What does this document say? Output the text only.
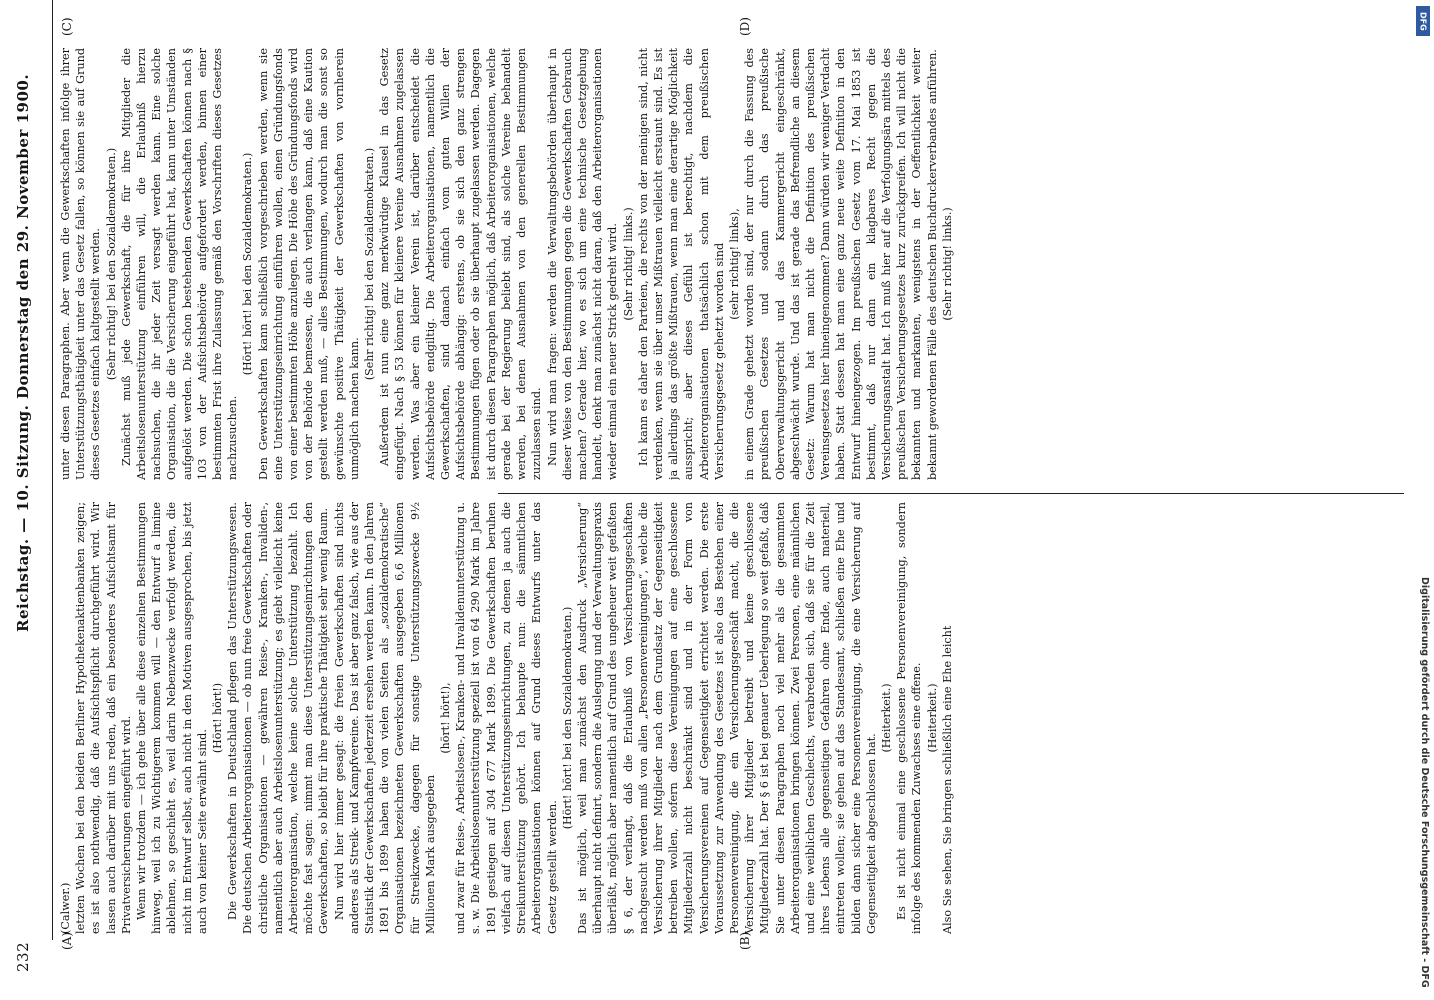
232
Reichstag. — 10. Sitzung. Donnerstag den 29. November 1900.
(A)	(B)
(C)	(D)

(Calwer.) letzten Wochen bei den beiden Berliner Hypothekenaktienbanken zeigen; es ist also nothwendig, daß die Aufsichtspflicht durchgeführt wird. Wir lassen auch darüber mit uns reden, daß ein besonderes Aufsichtsamt für Privatversicherungen eingeführt wird. Wenn wir trotzdem — ich gehe über alle diese einzelnen Bestimmungen hinweg, weil ich zu Wichtigerem kommen will — den Entwurf a limine ablehnen, so geschieht es, weil darin Nebenzwecke verfolgt werden, die nicht im Entwurf selbst, auch nicht in den Motiven ausgesprochen, bis jetzt auch von keiner Seite erwähnt sind.

(Hört! hört!) Die Gewerkschaften in Deutschland pflegen das Unterstützungswesen. Die deutschen Arbeiterorganisationen — ob nun freie Gewerkschaften oder christliche Organisationen — gewähren Reise-, Kranken-, Invaliden-, namentlich aber auch Arbeitslosenunterstützung; es giebt vielleicht keine Arbeiterorganisation, welche keine solche Unterstützung bezahlt. Ich möchte fast sagen: nimmt man diese Unterstützungseinrichtungen den Gewerkschaften, so bleibt für ihre praktische Thätigkeit sehr wenig Raum. Nun wird hier immer gesagt: die freien Gewerkschaften sind nichts anderes als Streik- und Kampfvereine. Das ist aber ganz falsch, wie aus der Statistik der Gewerkschaften jederzeit ersehen werden kann. In den Jahren 1891 bis 1899 haben die von vielen Seiten als „sozialdemokratische“ Organisationen bezeichneten Gewerkschaften ausgegeben 6,6 Millionen für Streikzwecke, dagegen für sonstige Unterstützungszwecke 9½ Millionen Mark ausgegeben

(hört! hört!), und zwar für Reise-, Arbeitslosen-, Kranken- und Invalidenunterstützung u. s. w. Die Arbeitslosenunterstützung speziell ist von 64 290 Mark im Jahre 1891 gestiegen auf 304 677 Mark 1899. Die Gewerkschaften beruhen vielfach auf diesen Unterstützungseinrichtungen, zu denen ja auch die Streikunterstützung gehört. Ich behaupte nun: die sämmtlichen Arbeiterorganisationen können auf Grund dieses Entwurfs unter das Gesetz gestellt werden.

(Hört! hört! bei den Sozialdemokraten.) Das ist möglich, weil man zunächst den Ausdruck „Versicherung“ überhaupt nicht definirt, sondern die Auslegung und der Verwaltungspraxis überläßt, möglich aber namentlich auf Grund des ungeheuer weit gefaßten § 6, der verlangt, daß die Erlaubniß von Versicherungsgeschäften nachgesucht werden muß von allen „Personenvereinigungen“, welche die Versicherung ihrer Mitglieder nach dem Grundsatz der Gegenseitigkeit betreiben wollen, sofern diese Vereinigungen auf eine geschlossene Mitgliederzahl nicht beschränkt sind und in der Form von Versicherungsvereinen auf Gegenseitigkeit errichtet werden. Die erste Voraussetzung zur Anwendung des Gesetzes ist also das Bestehen einer Personenvereinigung, die ein Versicherungsgeschäft macht, die die Versicherung ihrer Mitglieder betreibt und keine geschlossene Mitgliederzahl hat. Der § 6 ist bei genauer Ueberlegung so weit gefaßt, daß Sie unter diesen Paragraphen noch viel mehr als die gesammten Arbeiterorganisationen bringen können. Zwei Personen, eine männlichen und eine weiblichen Geschlechts, verabreden sich, daß sie für die Zeit ihres Lebens alle gegenseitigen Gefahren ohne Ende, auch materiell, eintreten wollen; sie gehen auf das Standesamt, schließen eine Ehe und bilden dann sicher eine Personenvereinigung, die eine Versicherung auf Gegenseitigkeit abgeschlossen hat.

(Heiterkeit.) Es ist nicht einmal eine geschlossene Personenvereinigung, sondern infolge des kommenden Zuwachses eine offene. (Heiterkeit.) Also Sie sehen, Sie bringen schließlich eine Ehe leicht

unter diesen Paragraphen. Aber wenn die Gewerkschaften infolge ihrer Unterstützungsthätigkeit unter das Gesetz fallen, so können sie auf Grund dieses Gesetzes einfach kaltgestellt werden. (Sehr richtig! bei den Sozialdemokraten.) Zunächst muß jede Gewerkschaft, die für ihre Mitglieder die Arbeitslosenunterstützung einführen will, die Erlaubniß hierzu nachsuchen, die ihr jeder Zeit versagt werden kann. Eine solche Organisation, die die Versicherung eingeführt hat, kann unter Umständen aufgelöst werden. Die schon bestehenden Gewerkschaften können nach § 103 von der Aufsichtsbehörde aufgefordert werden, binnen einer bestimmten Frist ihre Zulassung gemäß den Vorschriften dieses Gesetzes nachzusuchen.

(Hört! hört! bei den Sozialdemokraten.) Den Gewerkschaften kann schließlich vorgeschrieben werden, wenn sie eine Unterstützungseinrichtung einführen wollen, einen Gründungsfonds von einer bestimmten Höhe anzulegen. Die Höhe des Gründungsfonds wird von der Behörde bemessen, die auch verlangen kann, daß eine Kaution gestellt werden muß, — alles Bestimmungen, wodurch man die sonst so gewünschte positive Thätigkeit der Gewerkschaften von vornherein unmöglich machen kann.

(Sehr richtig! bei den Sozialdemokraten.) Außerdem ist nun eine ganz merkwürdige Klausel in das Gesetz eingefügt. Nach § 53 können für kleinere Vereine Ausnahmen zugelassen werden. Was aber ein kleiner Verein ist, darüber entscheidet die Aufsichtsbehörde endgiltig. Die Arbeiterorganisationen, namentlich die Gewerkschaften, sind danach einfach vom guten Willen der Aufsichtsbehörde abhängig: erstens, ob sie sich den ganz strengen Bestimmungen fügen oder ob sie überhaupt zugelassen werden. Dagegen ist durch diesen Paragraphen möglich, daß Arbeiterorganisationen, welche gerade bei der Regierung beliebt sind, als solche Vereine behandelt werden, bei denen Ausnahmen von den generellen Bestimmungen zuzulassen sind. Nun wird man fragen: werden die Verwaltungsbehörden überhaupt in dieser Weise von den Bestimmungen gegen die Gewerkschaften Gebrauch machen? Gerade hier, wo es sich um eine technische Gesetzgebung handelt, denkt man zunächst nicht daran, daß den Arbeiterorganisationen wieder einmal ein neuer Strick gedreht wird. (Sehr richtig! links.) Ich kann es daher den Parteien, die rechts von der meinigen sind, nicht verdenken, wenn sie über unser Mißtrauen vielleicht erstaunt sind. Es ist ja allerdings das größte Mißtrauen, wenn man eine derartige Möglichkeit ausspricht; aber dieses Gefühl ist berechtigt, nachdem die Arbeiterorganisationen thatsächlich schon mit dem preußischen Versicherungsgesetz gehetzt worden sind (sehr richtig! links), in einem Grade gehetzt worden sind, der nur durch die Fassung des preußischen Gesetzes und sodann durch das preußische Oberverwaltungsgericht und das Kammergericht eingeschränkt, abgeschwächt wurde. Und das ist gerade das Befremdliche an diesem Gesetz: Warum hat man nicht die Definition des preußischen Vereinsgesetzes hier hineingenommen? Dann würden wir weniger Verdacht haben. Statt dessen hat man eine ganz neue weite Definition in den Entwurf hineingezogen. Im preußischen Gesetz vom 17. Mai 1853 ist bestimmt, daß nur dann ein klagbares Recht gegen die Versicherungsanstalt hat. Ich muß hier auf die Verfolgungsära mittels des preußischen Versicherungsgesetzes kurz zurückgreifen. Ich will nicht die bekannten und markanten, wenigstens in der Oeffentlichkeit weiter bekannt gewordenen Fälle des deutschen Buchdruckerverbandes anführen. (Sehr richtig! links.)

DFG
Digitalisierung gefördert durch die Deutsche Forschungsgemeinschaft - DFG
